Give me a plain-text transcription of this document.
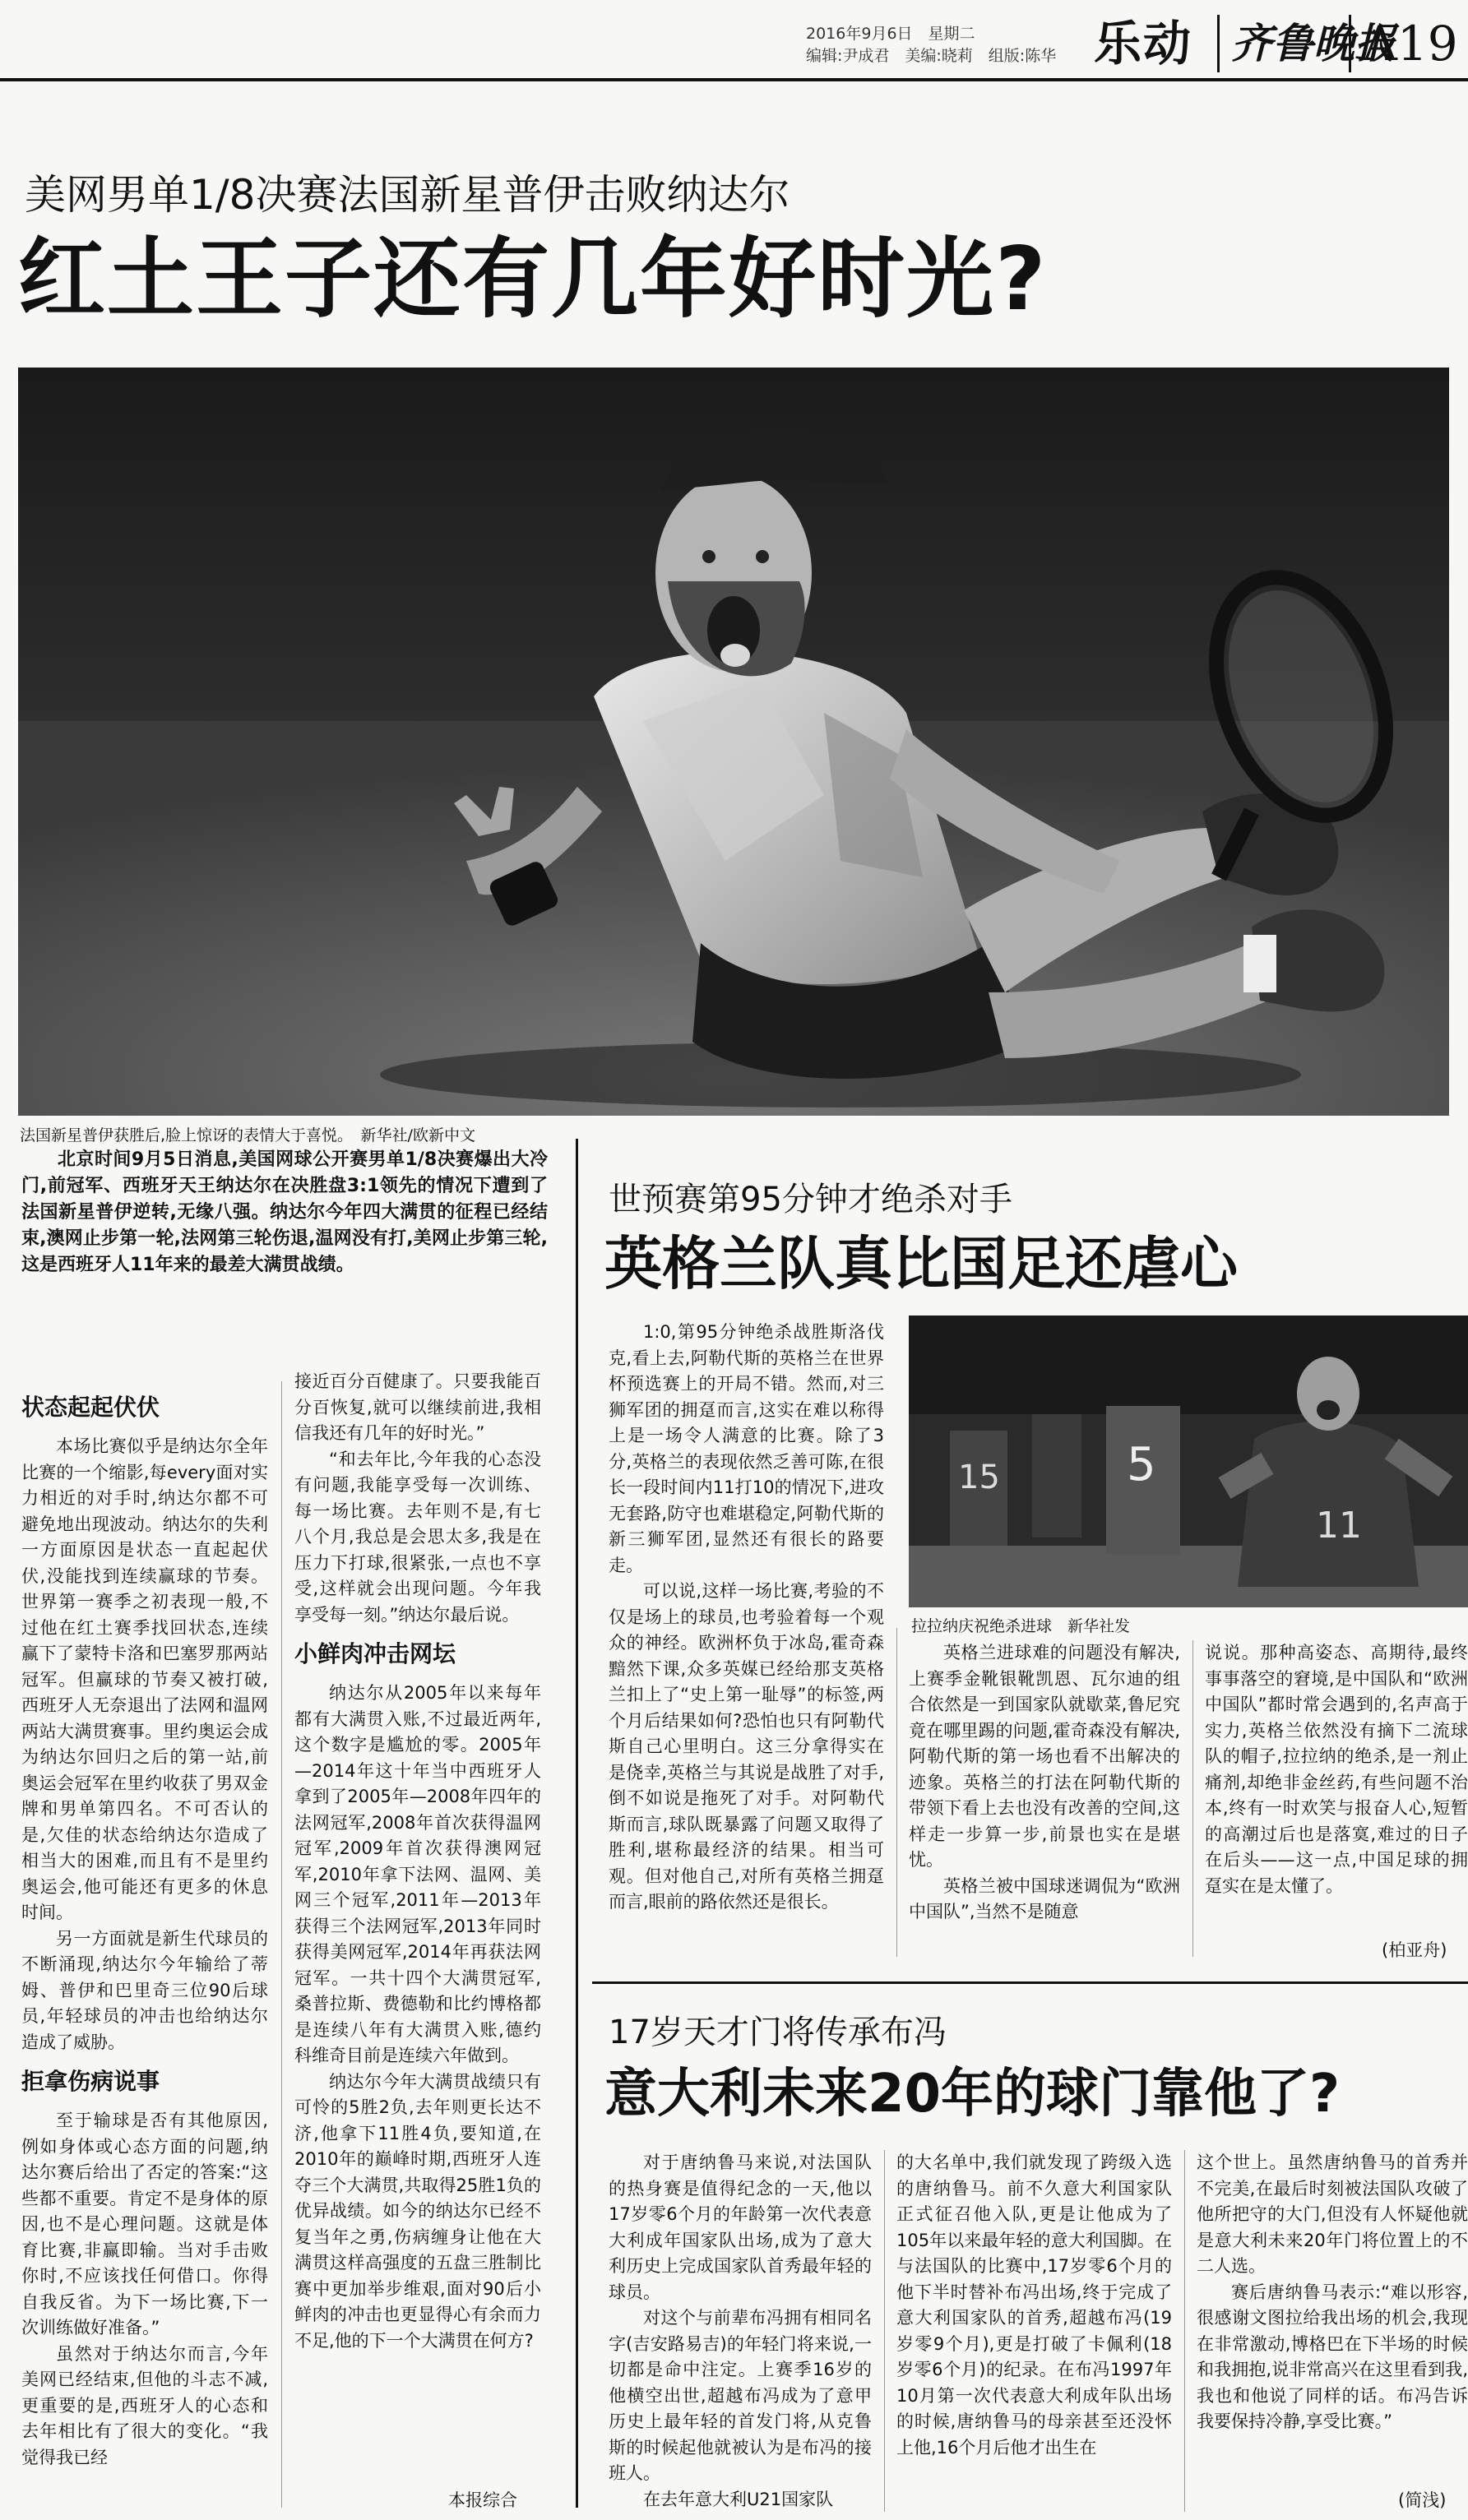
2016年9月6日　星期二
编辑:尹成君　美编:晓莉　组版:陈华 乐动 齐鲁晚报
A19
美网男单1/8决赛法国新星普伊击败纳达尔
红土王子还有几年好时光?
法国新星普伊获胜后,脸上惊讶的表情大于喜悦。　新华社/欧新中文

北京时间9月5日消息,美国网球公开赛男单1/8决赛爆出大冷门,前冠军、西班牙天王纳达尔在决胜盘3:1领先的情况下遭到了法国新星普伊逆转,无缘八强。纳达尔今年四大满贯的征程已经结束,澳网止步第一轮,法网第三轮伤退,温网没有打,美网止步第三轮,这是西班牙人11年来的最差大满贯战绩。

状态起起伏伏

本场比赛似乎是纳达尔全年比赛的一个缩影,每every面对实力相近的对手时,纳达尔都不可避免地出现波动。纳达尔的失利一方面原因是状态一直起起伏伏,没能找到连续赢球的节奏。世界第一赛季之初表现一般,不过他在红土赛季找回状态,连续赢下了蒙特卡洛和巴塞罗那两站冠军。但赢球的节奏又被打破,西班牙人无奈退出了法网和温网两站大满贯赛事。里约奥运会成为纳达尔回归之后的第一站,前奥运会冠军在里约收获了男双金牌和男单第四名。不可否认的是,欠佳的状态给纳达尔造成了相当大的困难,而且有不是里约奥运会,他可能还有更多的休息时间。

另一方面就是新生代球员的不断涌现,纳达尔今年输给了蒂姆、普伊和巴里奇三位90后球员,年轻球员的冲击也给纳达尔造成了威胁。

拒拿伤病说事

至于输球是否有其他原因,例如身体或心态方面的问题,纳达尔赛后给出了否定的答案:“这些都不重要。肯定不是身体的原因,也不是心理问题。这就是体育比赛,非赢即输。当对手击败你时,不应该找任何借口。你得自我反省。为下一场比赛,下一次训练做好准备。”

虽然对于纳达尔而言,今年美网已经结束,但他的斗志不减,更重要的是,西班牙人的心态和去年相比有了很大的变化。“我觉得我已经

接近百分百健康了。只要我能百分百恢复,就可以继续前进,我相信我还有几年的好时光。”

“和去年比,今年我的心态没有问题,我能享受每一次训练、每一场比赛。去年则不是,有七八个月,我总是会思太多,我是在压力下打球,很紧张,一点也不享受,这样就会出现问题。今年我享受每一刻。”纳达尔最后说。

小鲜肉冲击网坛

纳达尔从2005年以来每年都有大满贯入账,不过最近两年,这个数字是尴尬的零。2005年—2014年这十年当中西班牙人拿到了2005年—2008年四年的法网冠军,2008年首次获得温网冠军,2009年首次获得澳网冠军,2010年拿下法网、温网、美网三个冠军,2011年—2013年获得三个法网冠军,2013年同时获得美网冠军,2014年再获法网冠军。一共十四个大满贯冠军,桑普拉斯、费德勒和比约博格都是连续八年有大满贯入账,德约科维奇目前是连续六年做到。

纳达尔今年大满贯战绩只有可怜的5胜2负,去年则更长达不济,他拿下11胜4负,要知道,在2010年的巅峰时期,西班牙人连夺三个大满贯,共取得25胜1负的优异战绩。如今的纳达尔已经不复当年之勇,伤病缠身让他在大满贯这样高强度的五盘三胜制比赛中更加举步维艰,面对90后小鲜肉的冲击也更显得心有余而力不足,他的下一个大满贯在何方?

本报综合
世预赛第95分钟才绝杀对手
英格兰队真比国足还虐心

1:0,第95分钟绝杀战胜斯洛伐克,看上去,阿勒代斯的英格兰在世界杯预选赛上的开局不错。然而,对三狮军团的拥趸而言,这实在难以称得上是一场令人满意的比赛。除了3分,英格兰的表现依然乏善可陈,在很长一段时间内11打10的情况下,进攻无套路,防守也难堪稳定,阿勒代斯的新三狮军团,显然还有很长的路要走。

可以说,这样一场比赛,考验的不仅是场上的球员,也考验着每一个观众的神经。欧洲杯负于冰岛,霍奇森黯然下课,众多英媒已经给那支英格兰扣上了“史上第一耻辱”的标签,两个月后结果如何?恐怕也只有阿勒代斯自己心里明白。这三分拿得实在是侥幸,英格兰与其说是战胜了对手,倒不如说是拖死了对手。对阿勒代斯而言,球队既暴露了问题又取得了胜利,堪称最经济的结果。相当可观。但对他自己,对所有英格兰拥趸而言,眼前的路依然还是很长。

15	5
11
拉拉纳庆祝绝杀进球　新华社发

英格兰进球难的问题没有解决,上赛季金靴银靴凯恩、瓦尔迪的组合依然是一到国家队就歇菜,鲁尼究竟在哪里踢的问题,霍奇森没有解决,阿勒代斯的第一场也看不出解决的迹象。英格兰的打法在阿勒代斯的带领下看上去也没有改善的空间,这样走一步算一步,前景也实在是堪忧。

英格兰被中国球迷调侃为“欧洲中国队”,当然不是随意

说说。那种高姿态、高期待,最终事事落空的窘境,是中国队和“欧洲中国队”都时常会遇到的,名声高于实力,英格兰依然没有摘下二流球队的帽子,拉拉纳的绝杀,是一剂止痛剂,却绝非金丝药,有些问题不治本,终有一时欢笑与报奋人心,短暂的高潮过后也是落寞,难过的日子在后头——这一点,中国足球的拥趸实在是太懂了。

(柏亚舟)
17岁天才门将传承布冯
意大利未来20年的球门靠他了?

对于唐纳鲁马来说,对法国队的热身赛是值得纪念的一天,他以17岁零6个月的年龄第一次代表意大利成年国家队出场,成为了意大利历史上完成国家队首秀最年轻的球员。

对这个与前辈布冯拥有相同名字(吉安路易吉)的年轻门将来说,一切都是命中注定。上赛季16岁的他横空出世,超越布冯成为了意甲历史上最年轻的首发门将,从克鲁斯的时候起他就被认为是布冯的接班人。

在去年意大利U21国家队

的大名单中,我们就发现了跨级入选的唐纳鲁马。前不久意大利国家队正式征召他入队,更是让他成为了105年以来最年轻的意大利国脚。在与法国队的比赛中,17岁零6个月的他下半时替补布冯出场,终于完成了意大利国家队的首秀,超越布冯(19岁零9个月),更是打破了卡佩利(18岁零6个月)的纪录。在布冯1997年10月第一次代表意大利成年队出场的时候,唐纳鲁马的母亲甚至还没怀上他,16个月后他才出生在

这个世上。虽然唐纳鲁马的首秀并不完美,在最后时刻被法国队攻破了他所把守的大门,但没有人怀疑他就是意大利未来20年门将位置上的不二人选。

赛后唐纳鲁马表示:“难以形容,很感谢文图拉给我出场的机会,我现在非常激动,博格巴在下半场的时候和我拥抱,说非常高兴在这里看到我,我也和他说了同样的话。布冯告诉我要保持冷静,享受比赛。”

(简浅)
